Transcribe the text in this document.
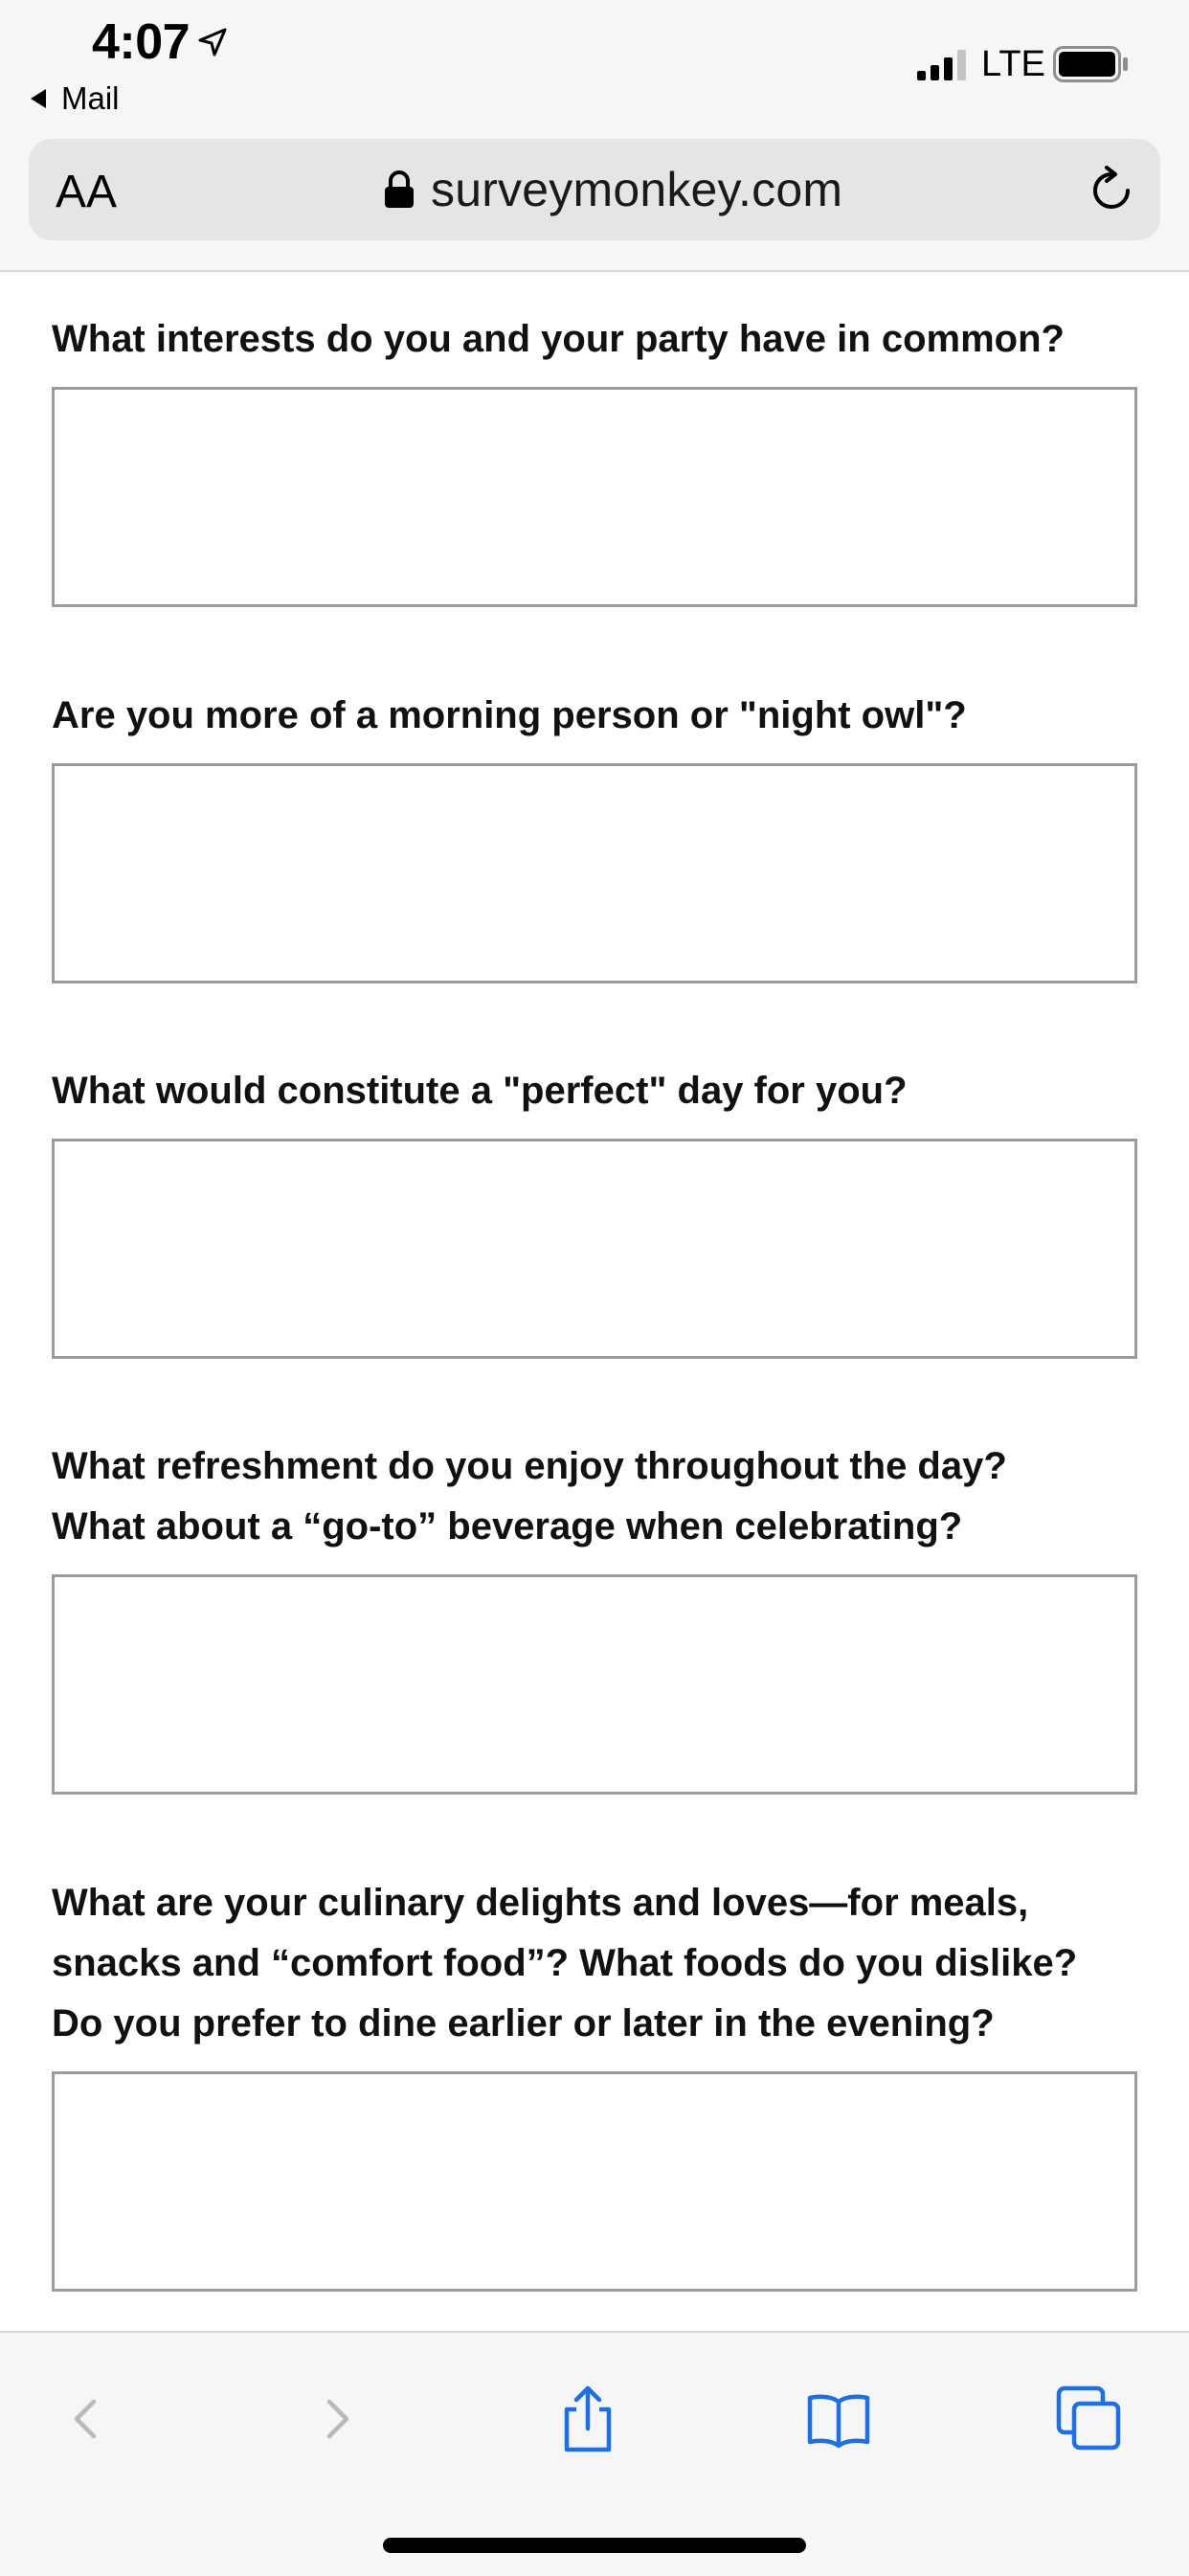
4:07
Mail
LTE
AA	surveymonkey.com

What interests do you and your party have in common?

Are you more of a morning person or "night owl"?

What would constitute a "perfect" day for you?

What refreshment do you enjoy throughout the day?
What about a “go-to” beverage when celebrating?

What are your culinary delights and loves—for meals,
snacks and “comfort food”? What foods do you dislike?
Do you prefer to dine earlier or later in the evening?
